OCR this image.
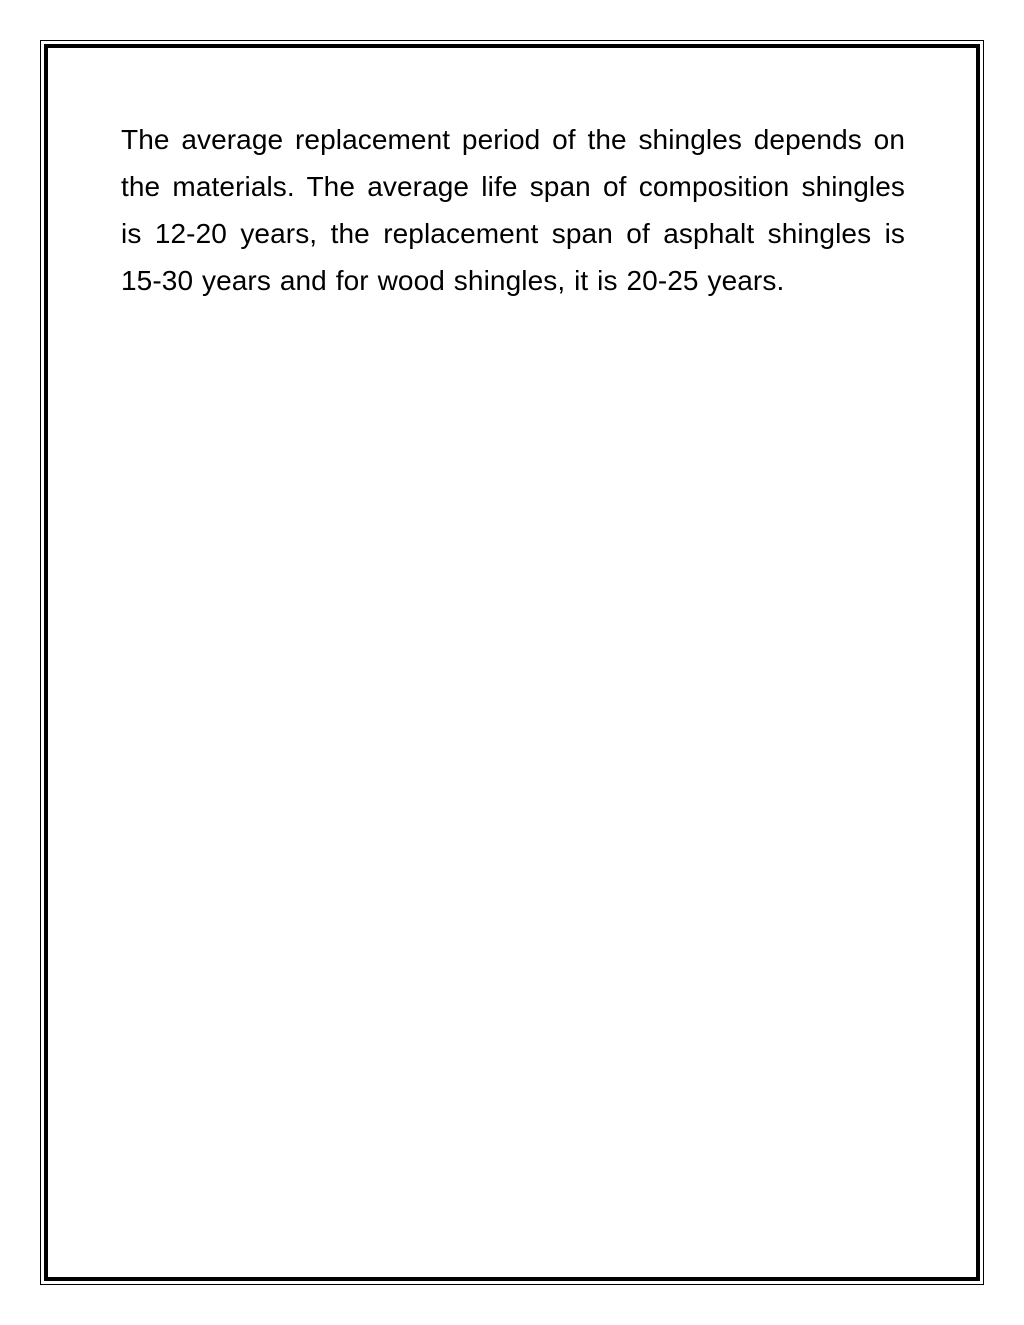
The average replacement period of the shingles depends on the materials. The average life span of composition shingles is 12-20 years, the replacement span of asphalt shingles is 15-30 years and for wood shingles, it is 20-25 years.
